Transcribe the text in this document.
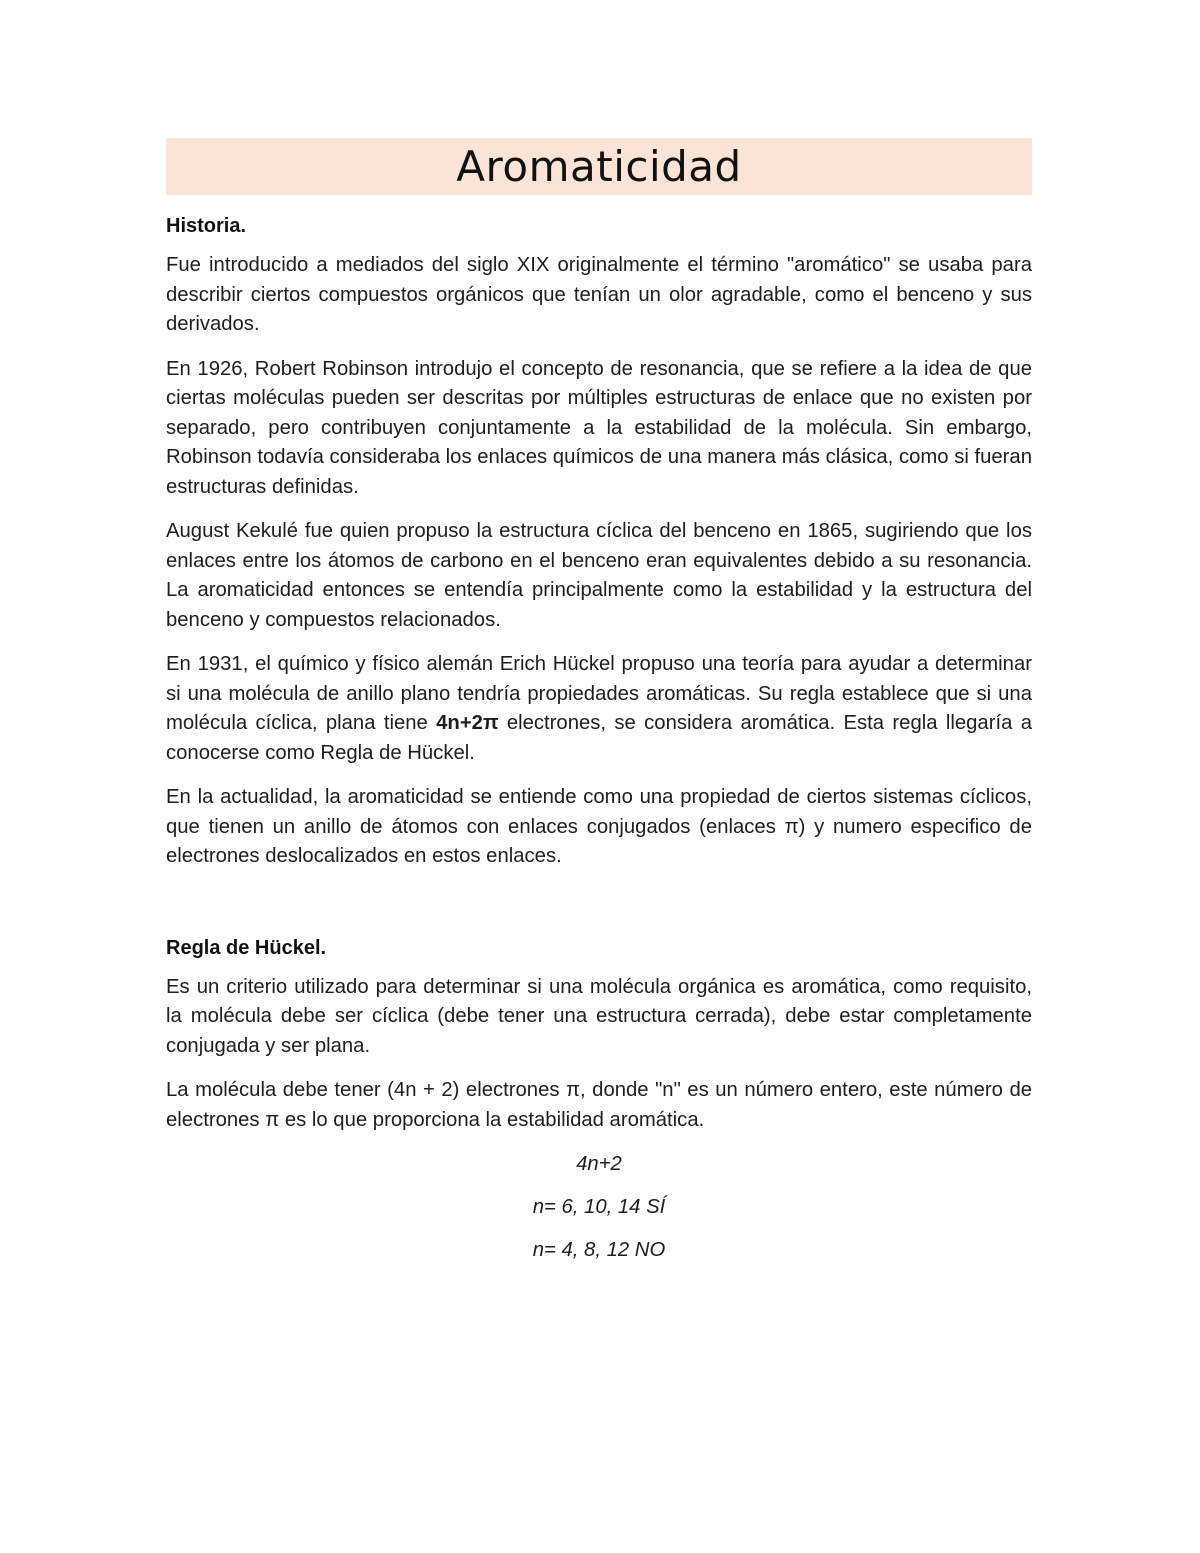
Aromaticidad
Historia.

Fue introducido a mediados del siglo XIX originalmente el término "aromático" se usaba para describir ciertos compuestos orgánicos que tenían un olor agradable, como el benceno y sus derivados.

En 1926, Robert Robinson introdujo el concepto de resonancia, que se refiere a la idea de que ciertas moléculas pueden ser descritas por múltiples estructuras de enlace que no existen por separado, pero contribuyen conjuntamente a la estabilidad de la molécula. Sin embargo, Robinson todavía consideraba los enlaces químicos de una manera más clásica, como si fueran estructuras definidas.

August Kekulé fue quien propuso la estructura cíclica del benceno en 1865, sugiriendo que los enlaces entre los átomos de carbono en el benceno eran equivalentes debido a su resonancia. La aromaticidad entonces se entendía principalmente como la estabilidad y la estructura del benceno y compuestos relacionados.

En 1931, el químico y físico alemán Erich Hückel propuso una teoría para ayudar a determinar si una molécula de anillo plano tendría propiedades aromáticas. Su regla establece que si una molécula cíclica, plana tiene 4n+2π electrones, se considera aromática. Esta regla llegaría a conocerse como Regla de Hückel.

En la actualidad, la aromaticidad se entiende como una propiedad de ciertos sistemas cíclicos, que tienen un anillo de átomos con enlaces conjugados (enlaces π) y numero especifico de electrones deslocalizados en estos enlaces.

Regla de Hückel.

Es un criterio utilizado para determinar si una molécula orgánica es aromática, como requisito, la molécula debe ser cíclica (debe tener una estructura cerrada), debe estar completamente conjugada y ser plana.

La molécula debe tener (4n + 2) electrones π, donde "n" es un número entero, este número de electrones π es lo que proporciona la estabilidad aromática.

4n+2

n= 6, 10, 14 SÍ

n= 4, 8, 12 NO
